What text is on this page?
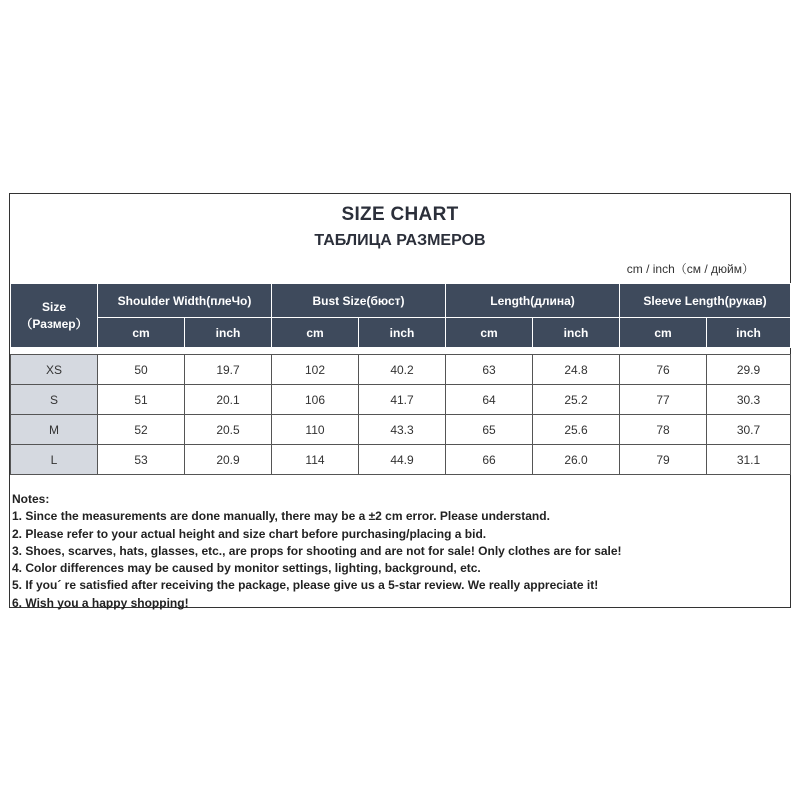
SIZE CHART
ТАБЛИЦА РАЗМЕРОВ
cm / inch（см / дюйм）
Size
（Размер）	Shoulder Width(плеЧо)		Bust Size(бюст)		Length(длина)		Sleeve Length(рукав)	
	cm	inch	cm	inch	cm	inch	cm	inch

XS	50	19.7	102	40.2	63	24.8	76	29.9
S	51	20.1	106	41.7	64	25.2	77	30.3
M	52	20.5	110	43.3	65	25.6	78	30.7
L	53	20.9	114	44.9	66	26.0	79	31.1
Notes:
1. Since the measurements are done manually, there may be a ±2 cm error. Please understand.
2. Please refer to your actual height and size chart before purchasing/placing a bid.
3. Shoes, scarves, hats, glasses, etc., are props for shooting and are not for sale! Only clothes are for sale!
4. Color differences may be caused by monitor settings, lighting, background, etc.
5. If you´ re satisfied after receiving the package, please give us a 5-star review. We really appreciate it!
6. Wish you a happy shopping!
